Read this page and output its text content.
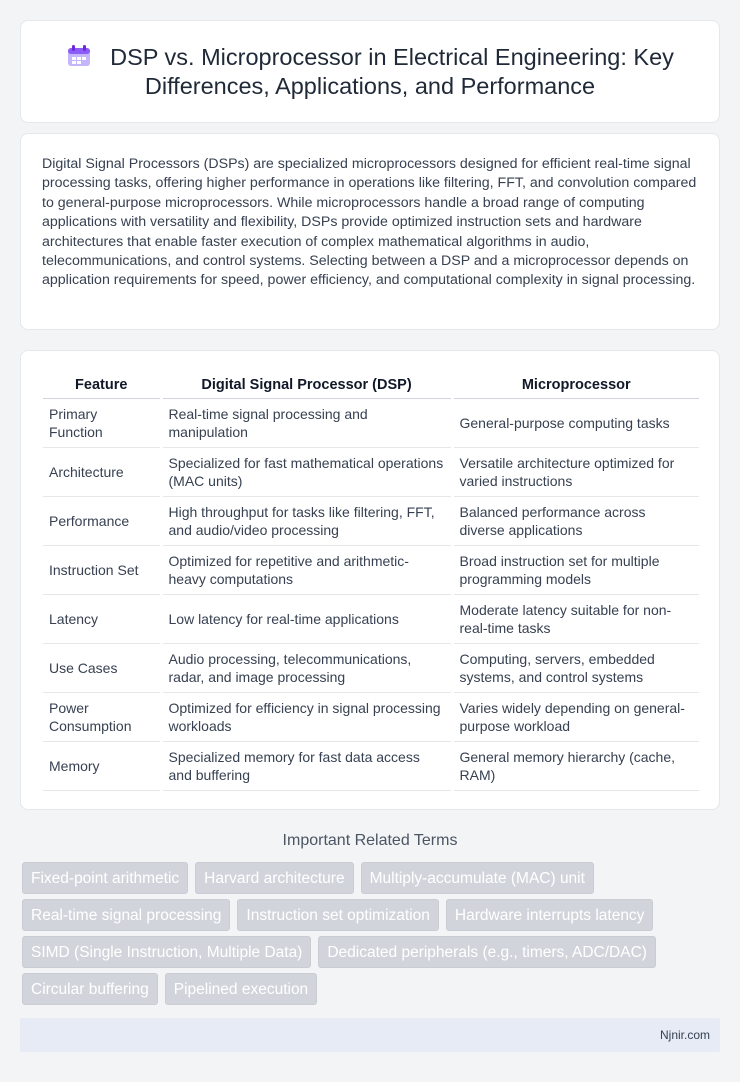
DSP vs. Microprocessor in Electrical Engineering: Key Differences, Applications, and Performance

Digital Signal Processors (DSPs) are specialized microprocessors designed for efficient real-time signal processing tasks, offering higher performance in operations like filtering, FFT, and convolution compared to general-purpose microprocessors. While microprocessors handle a broad range of computing applications with versatility and flexibility, DSPs provide optimized instruction sets and hardware architectures that enable faster execution of complex mathematical algorithms in audio, telecommunications, and control systems. Selecting between a DSP and a microprocessor depends on application requirements for speed, power efficiency, and computational complexity in signal processing.

Feature	Digital Signal Processor (DSP)	Microprocessor
Primary Function	Real-time signal processing and manipulation	General-purpose computing tasks
Architecture	Specialized for fast mathematical operations (MAC units)	Versatile architecture optimized for varied instructions
Performance	High throughput for tasks like filtering, FFT, and audio/video processing	Balanced performance across diverse applications
Instruction Set	Optimized for repetitive and arithmetic-heavy computations	Broad instruction set for multiple programming models
Latency	Low latency for real-time applications	Moderate latency suitable for non-real-time tasks
Use Cases	Audio processing, telecommunications, radar, and image processing	Computing, servers, embedded systems, and control systems
Power Consumption	Optimized for efficiency in signal processing workloads	Varies widely depending on general-purpose workload
Memory	Specialized memory for fast data access and buffering	General memory hierarchy (cache, RAM)
Important Related Terms
Fixed-point arithmetic	Harvard architecture	Multiply-accumulate (MAC) unit
Real-time signal processing	Instruction set optimization	Hardware interrupts latency
SIMD (Single Instruction, Multiple Data)	Dedicated peripherals (e.g., timers, ADC/DAC)
Circular buffering	Pipelined execution
Njnir.com
